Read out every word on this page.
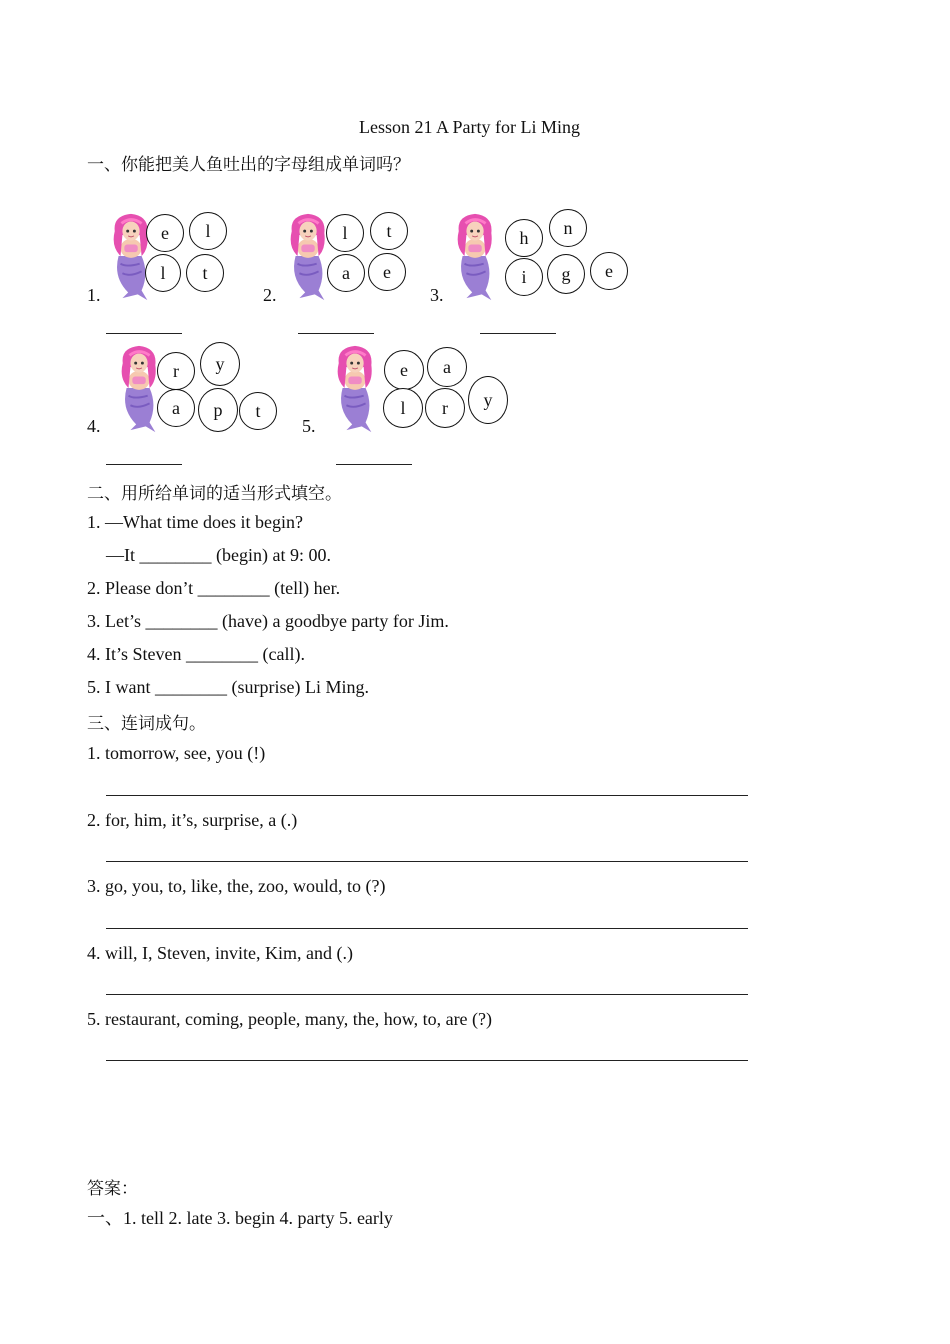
Lesson 21 A Party for Li Ming
一、你能把美人鱼吐出的字母组成单词吗？
1.
e	l
l	t
2.
l	t
a	e
3.
h	n
i	g	e
4.
r	y
a	p	t
5.
e	a
l	r	y
二、用所给单词的适当形式填空。
1. —What time does it begin?
—It ________ (begin) at 9: 00.
2. Please don’t ________ (tell) her.
3. Let’s ________ (have) a goodbye party for Jim.
4. It’s Steven ________ (call).
5. I want ________ (surprise) Li Ming.
三、连词成句。
1. tomorrow, see, you (!)
2. for, him, it’s, surprise, a (.)
3. go, you, to, like, the, zoo, would, to (?)
4. will, I, Steven, invite, Kim, and (.)
5. restaurant, coming, people, many, the, how, to, are (?)
答案：
一、1. tell 2. late 3. begin 4. party 5. early
